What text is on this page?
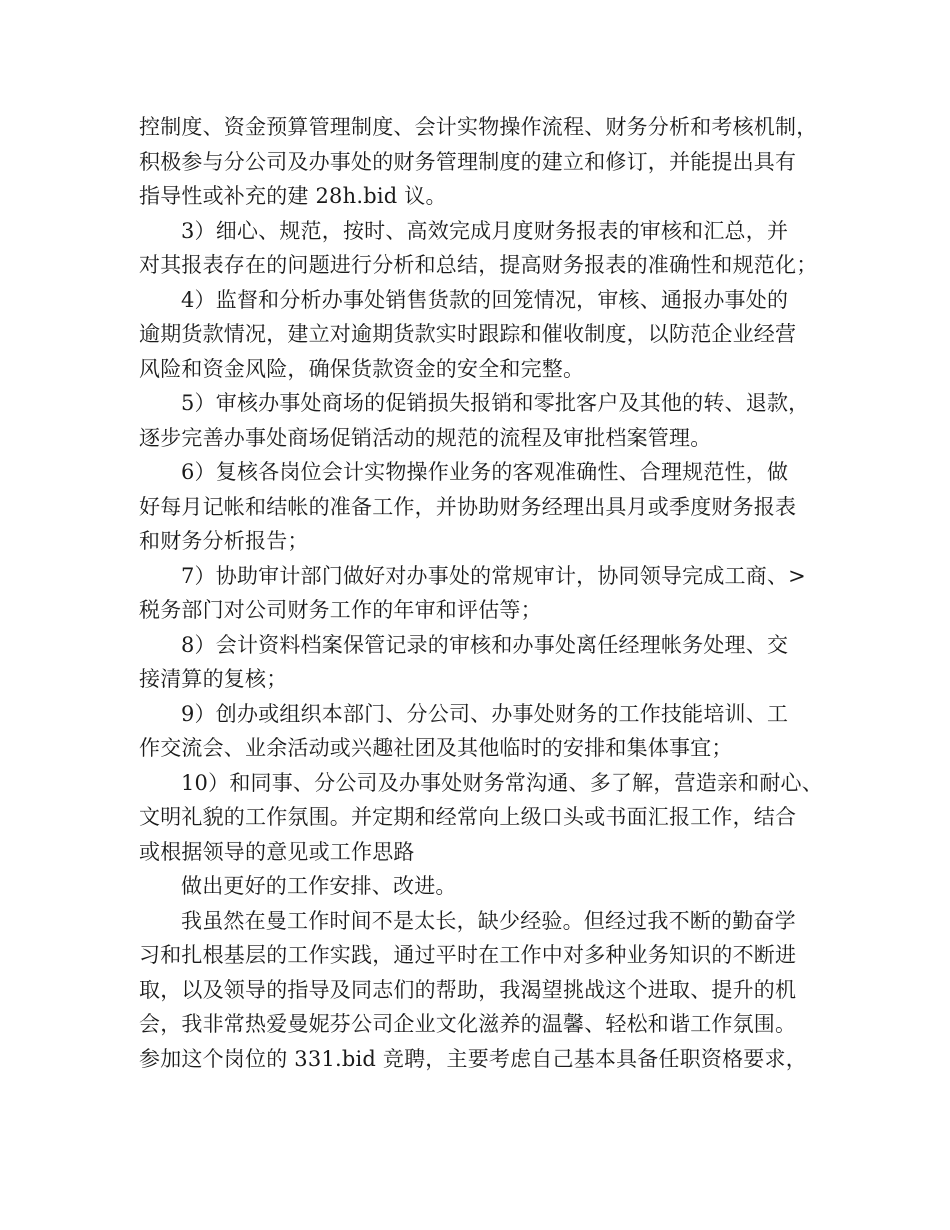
控制度、资金预算管理制度、会计实物操作流程、财务分析和考核机制，
积极参与分公司及办事处的财务管理制度的建立和修订，并能提出具有
指导性或补充的建 28h.bid 议。
3）细心、规范，按时、高效完成月度财务报表的审核和汇总，并
对其报表存在的问题进行分析和总结，提高财务报表的准确性和规范化；
4）监督和分析办事处销售货款的回笼情况，审核、通报办事处的
逾期货款情况，建立对逾期货款实时跟踪和催收制度，以防范企业经营
风险和资金风险，确保货款资金的安全和完整。
5）审核办事处商场的促销损失报销和零批客户及其他的转、退款，
逐步完善办事处商场促销活动的规范的流程及审批档案管理。
6）复核各岗位会计实物操作业务的客观准确性、合理规范性，做
好每月记帐和结帐的准备工作，并协助财务经理出具月或季度财务报表
和财务分析报告；
7）协助审计部门做好对办事处的常规审计，协同领导完成工商、>
税务部门对公司财务工作的年审和评估等；
8）会计资料档案保管记录的审核和办事处离任经理帐务处理、交
接清算的复核；
9）创办或组织本部门、分公司、办事处财务的工作技能培训、工
作交流会、业余活动或兴趣社团及其他临时的安排和集体事宜；
10）和同事、分公司及办事处财务常沟通、多了解，营造亲和耐心、
文明礼貌的工作氛围。并定期和经常向上级口头或书面汇报工作，结合
或根据领导的意见或工作思路
做出更好的工作安排、改进。
我虽然在曼工作时间不是太长，缺少经验。但经过我不断的勤奋学
习和扎根基层的工作实践，通过平时在工作中对多种业务知识的不断进
取，以及领导的指导及同志们的帮助，我渴望挑战这个进取、提升的机
会，我非常热爱曼妮芬公司企业文化滋养的温馨、轻松和谐工作氛围。
参加这个岗位的 331.bid 竞聘，主要考虑自己基本具备任职资格要求，
